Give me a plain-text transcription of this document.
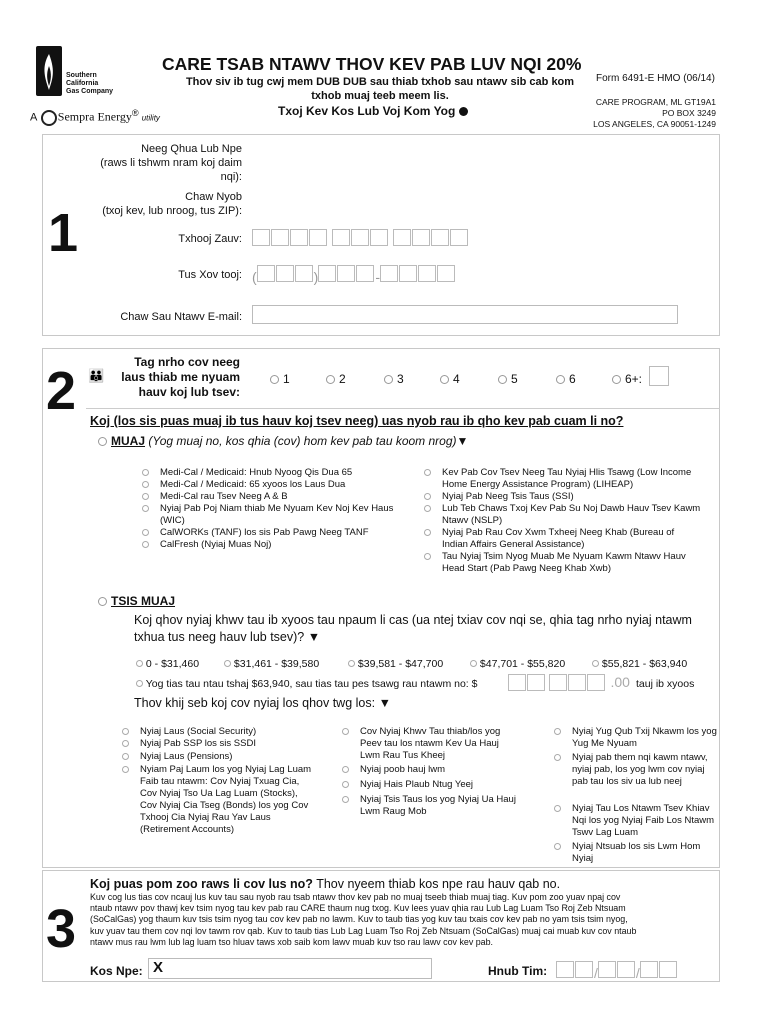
Southern
California
Gas Company
A Sempra Energy® utility
CARE TSAB NTAWV THOV KEV PAB LUV NQI 20%
Thov siv ib tug cwj mem DUB DUB sau thiab txhob sau ntawv sib cab kom
txhob muaj teeb meem lis.
Txoj Kev Kos Lub Voj Kom Yog
Form 6491-E HMO (06/14)
CARE PROGRAM, ML GT19A1
PO BOX 3249
LOS ANGELES, CA 90051-1249
1
Neeg Qhua Lub Npe
(raws li tshwm nram koj daim
nqi):
Chaw Nyob
(txoj kev, lub nroog, tus ZIP):
Txhooj Zauv:
Tus Xov tooj: (	)	-
Chaw Sau Ntawv E-mail:
2 👪
Tag nrho cov neeg
laus thiab me nyuam
hauv koj lub tsev:
1	2	3	4	5	6	6+:
Koj (los sis puas muaj ib tus hauv koj tsev neeg) uas nyob rau ib qho kev pab cuam li no?
MUAJ (Yog muaj no, kos qhia (cov) hom kev pab tau koom nrog)▼
Medi-Cal / Medicaid: Hnub Nyoog Qis Dua 65
Medi-Cal / Medicaid: 65 xyoos los Laus Dua
Medi-Cal rau Tsev Neeg A & B
Nyiaj Pab Poj Niam thiab Me Nyuam Kev Noj Kev Haus (WIC)
CalWORKs (TANF) los sis Pab Pawg Neeg TANF
CalFresh (Nyiaj Muas Noj)
Kev Pab Cov Tsev Neeg Tau Nyiaj Hlis Tsawg (Low Income Home Energy Assistance Program) (LIHEAP)
Nyiaj Pab Neeg Tsis Taus (SSI)
Lub Teb Chaws Txoj Kev Pab Su Noj Dawb Hauv Tsev Kawm Ntawv (NSLP)
Nyiaj Pab Rau Cov Xwm Txheej Neeg Khab (Bureau of Indian Affairs General Assistance)
Tau Nyiaj Tsim Nyog Muab Me Nyuam Kawm Ntawv Hauv Head Start (Pab Pawg Neeg Khab Xwb)
TSIS MUAJ
Koj qhov nyiaj khwv tau ib xyoos tau npaum li cas (ua ntej txiav cov nqi se, qhia tag nrho nyiaj ntawm
txhua tus neeg hauv lub tsev)? ▼
0 - $31,460	$31,461 - $39,580	$39,581 - $47,700	$47,701 - $55,820	$55,821 - $63,940
Yog tias tau ntau tshaj $63,940, sau tias tau pes tsawg rau ntawm no: $	.00 tauj ib xyoos
Thov khij seb koj cov nyiaj los qhov twg los: ▼
Nyiaj Laus (Social Security)
Nyiaj Pab SSP los sis SSDI
Nyiaj Laus (Pensions)
Nyiam Paj Laum los yog Nyiaj Lag Luam Faib tau ntawm: Cov Nyiaj Txuag Cia, Cov Nyiaj Tso Ua Lag Luam (Stocks), Cov Nyiaj Cia Tseg (Bonds) los yog Cov Txhooj Cia Nyiaj Rau Yav Laus (Retirement Accounts)
Cov Nyiaj Khwv Tau thiab/los yog Peev tau los ntawm Kev Ua Hauj Lwm Rau Tus Kheej
Nyiaj poob hauj lwm
Nyiaj Hais Plaub Ntug Yeej
Nyiaj Tsis Taus los yog Nyiaj Ua Hauj Lwm Raug Mob
Nyiaj Yug Qub Txij Nkawm los yog Yug Me Nyuam
Nyiaj pab them nqi kawm ntawv, nyiaj pab, los yog lwm cov nyiaj pab tau los siv ua lub neej
Nyiaj Tau Los Ntawm Tsev Khiav Nqi los yog Nyiaj Faib Los Ntawm Tswv Lag Luam
Nyiaj Ntsuab los sis Lwm Hom Nyiaj
3
Koj puas pom zoo raws li cov lus no? Thov nyeem thiab kos npe rau hauv qab no.
Kuv cog lus tias cov ncauj lus kuv tau sau nyob rau tsab ntawv thov kev pab no muaj tseeb thiab muaj tiag. Kuv pom zoo yuav npaj cov
ntaub ntawv pov thawj kev tsim nyog tau kev pab rau CARE thaum nug txog. Kuv lees yuav qhia rau Lub Lag Luam Tso Roj Zeb Ntsuam
(SoCalGas) yog thaum kuv tsis tsim nyog tau cov kev pab no lawm. Kuv to taub tias yog kuv tau txais cov kev pab no yam tsis tsim nyog,
kuv yuav tau them cov nqi lov tawm rov qab. Kuv to taub tias Lub Lag Luam Tso Roj Zeb Ntsuam (SoCalGas) muaj cai muab kuv cov ntaub
ntawv mus rau lwm lub lag luam tso hluav taws xob saib kom lawv muab kuv tso rau lawv cov kev pab.
Kos Npe: X	Hnub Tim:	/	/
